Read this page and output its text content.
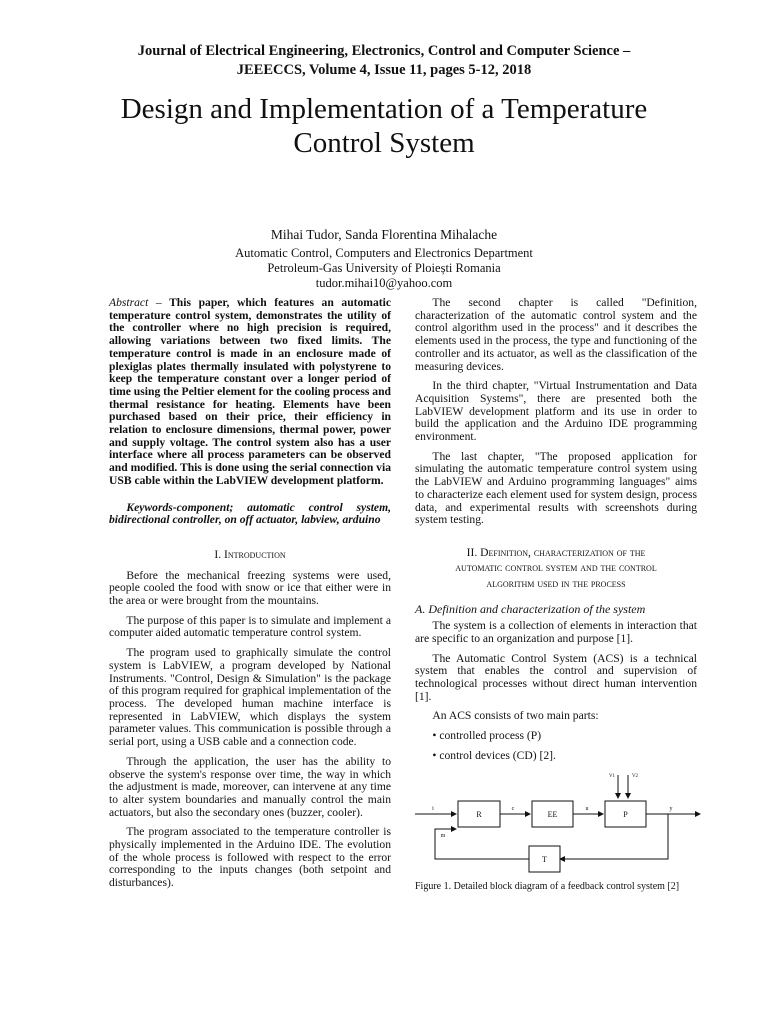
Journal of Electrical Engineering, Electronics, Control and Computer Science –
JEEECCS, Volume 4, Issue 11, pages 5-12, 2018
Design and Implementation of a Temperature
Control System
Mihai Tudor, Sanda Florentina Mihalache
Automatic Control, Computers and Electronics Department
Petroleum-Gas University of Ploiești Romania
tudor.mihai10@yahoo.com

Abstract – This paper, which features an automatic temperature control system, demonstrates the utility of the controller where no high precision is required, allowing variations between two fixed limits. The temperature control is made in an enclosure made of plexiglas plates thermally insulated with polystyrene to keep the temperature constant over a longer period of time using the Peltier element for the cooling process and thermal resistance for heating. Elements have been purchased based on their price, their efficiency in relation to enclosure dimensions, thermal power, power and supply voltage. The control system also has a user interface where all process parameters can be observed and modified. This is done using the serial connection via USB cable within the LabVIEW development platform.

Keywords-component; automatic control system, bidirectional controller, on off actuator, labview, arduino

I. Introduction

Before the mechanical freezing systems were used, people cooled the food with snow or ice that either were in the area or were brought from the mountains.

The purpose of this paper is to simulate and implement a computer aided automatic temperature control system.

The program used to graphically simulate the control system is LabVIEW, a program developed by National Instruments. "Control, Design & Simulation" is the package of this program required for graphical implementation of the process. The developed human machine interface is represented in LabVIEW, which displays the system parameter values. This communication is possible through a serial port, using a USB cable and a connection code.

Through the application, the user has the ability to observe the system's response over time, the way in which the adjustment is made, moreover, can intervene at any time to alter system boundaries and manually control the main actuators, but also the secondary ones (buzzer, cooler).

The program associated to the temperature controller is physically implemented in the Arduino IDE. The evolution of the whole process is followed with respect to the error corresponding to the inputs changes (both setpoint and disturbances).

The second chapter is called "Definition, characterization of the automatic control system and the control algorithm used in the process" and it describes the elements used in the process, the type and functioning of the controller and its actuator, as well as the classification of the measuring devices.

In the third chapter, "Virtual Instrumentation and Data Acquisition Systems", there are presented both the LabVIEW development platform and its use in order to build the application and the Arduino IDE programming environment.

The last chapter, "The proposed application for simulating the automatic temperature control system using the LabVIEW and Arduino programming languages" aims to characterize each element used for system design, process data, and experimental results with screenshots during system testing.

II. Definition, characterization of the
automatic control system and the control
algorithm used in the process
A. Definition and characterization of the system

The system is a collection of elements in interaction that are specific to an organization and purpose [1].

The Automatic Control System (ACS) is a technical system that enables the control and supervision of technological processes without direct human intervention [1].

An ACS consists of two main parts:

• controlled process (P)

• control devices (CD) [2].

R	EE	P
T
i	c	u	y
m
V1	V2
Figure 1. Detailed block diagram of a feedback control system [2]
